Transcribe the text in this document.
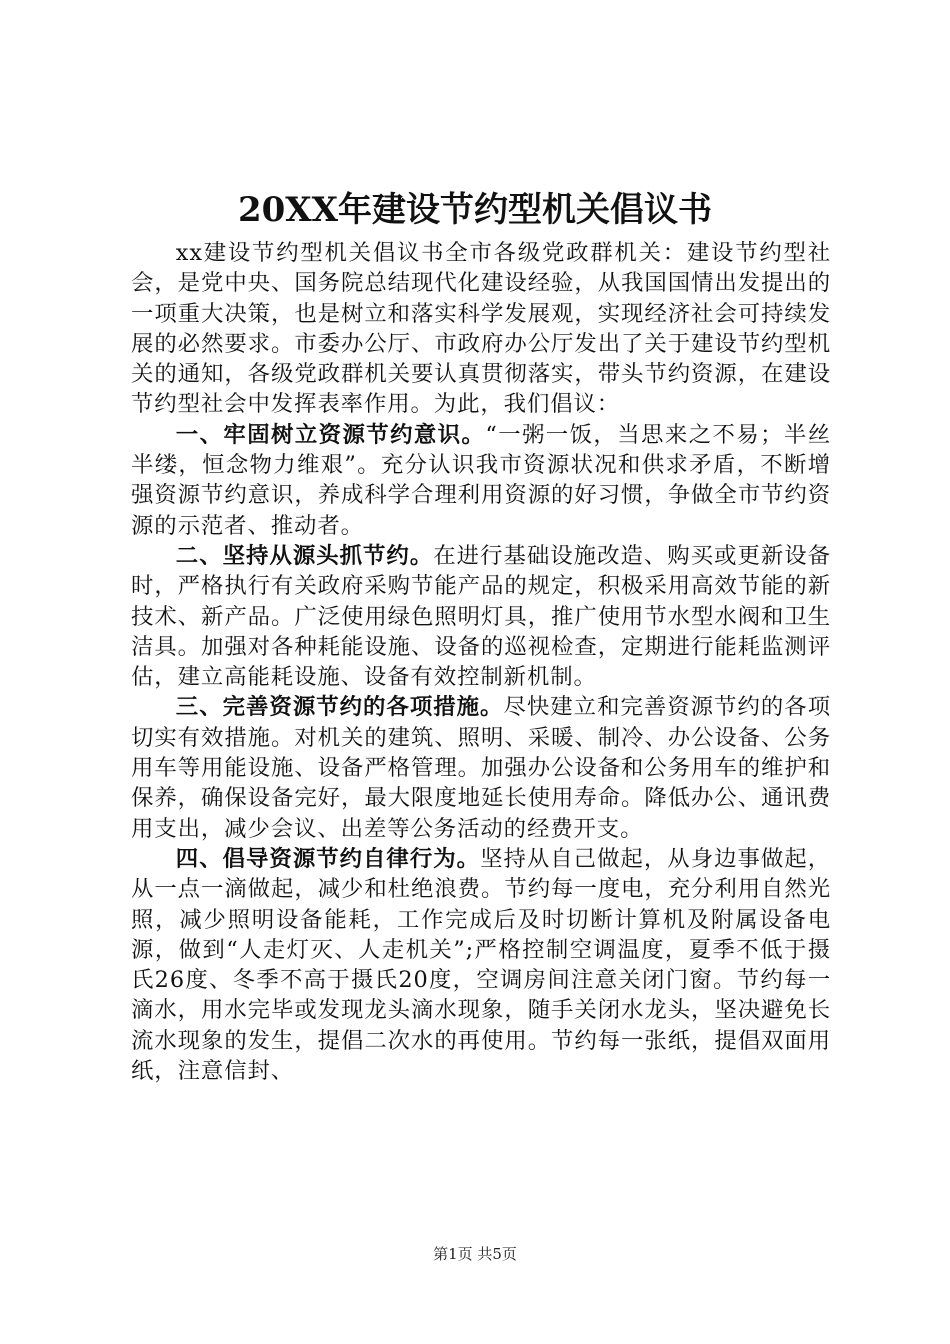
20XX年建设节约型机关倡议书

xx建设节约型机关倡议书全市各级党政群机关：建设节约型社会，是党中央、国务院总结现代化建设经验，从我国国情出发提出的一项重大决策，也是树立和落实科学发展观，实现经济社会可持续发展的必然要求。市委办公厅、市政府办公厅发出了关于建设节约型机关的通知，各级党政群机关要认真贯彻落实，带头节约资源，在建设节约型社会中发挥表率作用。为此，我们倡议：

一、牢固树立资源节约意识。“一粥一饭，当思来之不易；半丝半缕，恒念物力维艰”。充分认识我市资源状况和供求矛盾，不断增强资源节约意识，养成科学合理利用资源的好习惯，争做全市节约资源的示范者、推动者。

二、坚持从源头抓节约。在进行基础设施改造、购买或更新设备时，严格执行有关政府采购节能产品的规定，积极采用高效节能的新技术、新产品。广泛使用绿色照明灯具，推广使用节水型水阀和卫生洁具。加强对各种耗能设施、设备的巡视检查，定期进行能耗监测评估，建立高能耗设施、设备有效控制新机制。

三、完善资源节约的各项措施。尽快建立和完善资源节约的各项切实有效措施。对机关的建筑、照明、采暖、制冷、办公设备、公务用车等用能设施、设备严格管理。加强办公设备和公务用车的维护和保养，确保设备完好，最大限度地延长使用寿命。降低办公、通讯费用支出，减少会议、出差等公务活动的经费开支。

四、倡导资源节约自律行为。坚持从自己做起，从身边事做起，从一点一滴做起，减少和杜绝浪费。节约每一度电，充分利用自然光照，减少照明设备能耗，工作完成后及时切断计算机及附属设备电源，做到“人走灯灭、人走机关”;严格控制空调温度，夏季不低于摄氏26度、冬季不高于摄氏20度，空调房间注意关闭门窗。节约每一滴水，用水完毕或发现龙头滴水现象，随手关闭水龙头，坚决避免长流水现象的发生，提倡二次水的再使用。节约每一张纸，提倡双面用纸，注意信封、

第1页 共5页
